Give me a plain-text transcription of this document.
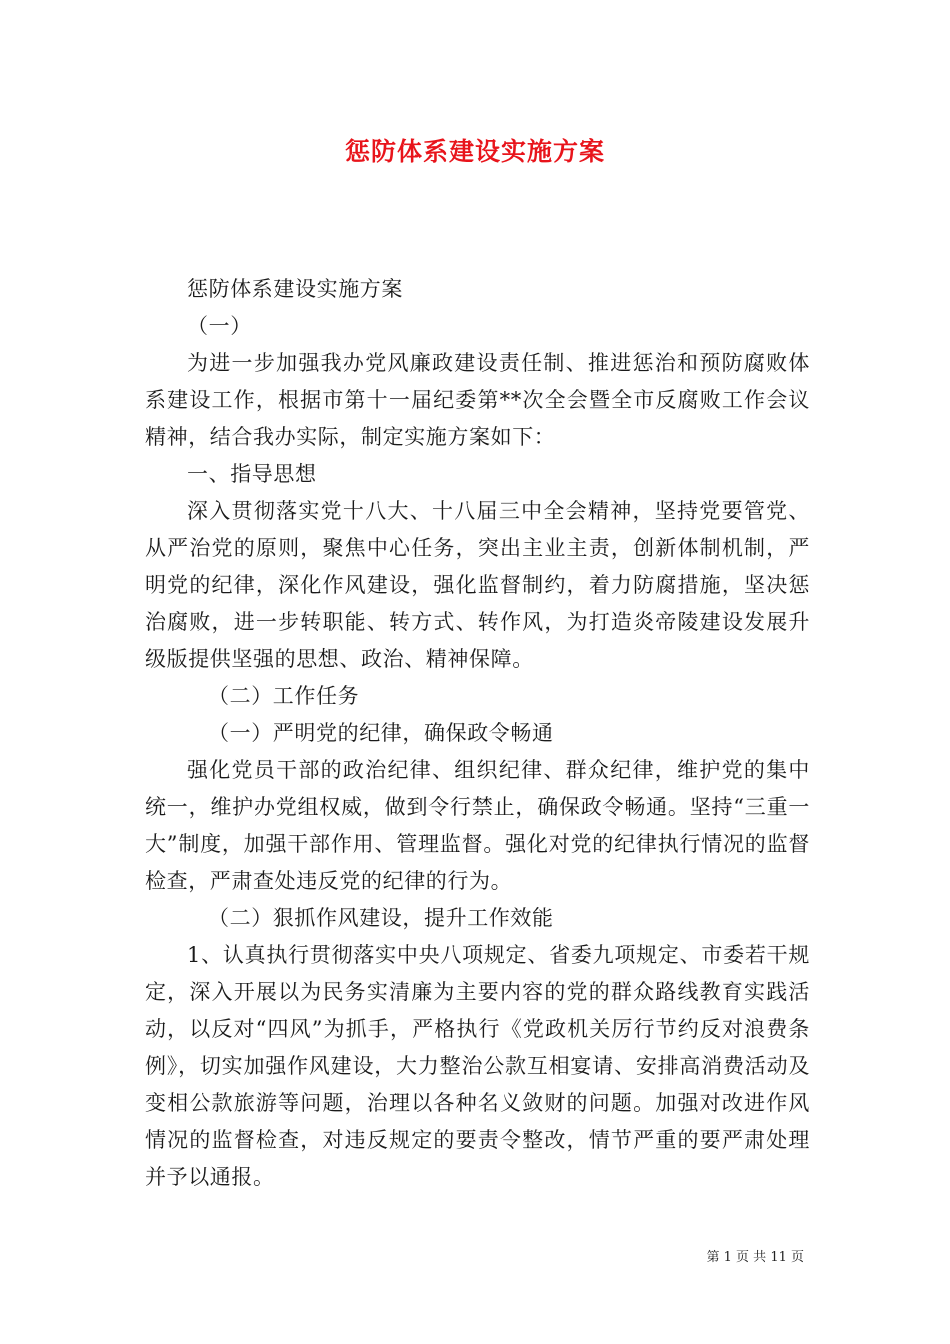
惩防体系建设实施方案

惩防体系建设实施方案

（一）

为进一步加强我办党风廉政建设责任制、推进惩治和预防腐败体系建设工作，根据市第十一届纪委第**次全会暨全市反腐败工作会议精神，结合我办实际，制定实施方案如下：

一、指导思想

深入贯彻落实党十八大、十八届三中全会精神，坚持党要管党、从严治党的原则，聚焦中心任务，突出主业主责，创新体制机制，严明党的纪律，深化作风建设，强化监督制约，着力防腐措施，坚决惩治腐败，进一步转职能、转方式、转作风，为打造炎帝陵建设发展升级版提供坚强的思想、政治、精神保障。

（二）工作任务

（一）严明党的纪律，确保政令畅通

强化党员干部的政治纪律、组织纪律、群众纪律，维护党的集中统一，维护办党组权威，做到令行禁止，确保政令畅通。坚持“三重一大”制度，加强干部作用、管理监督。强化对党的纪律执行情况的监督检查，严肃查处违反党的纪律的行为。

（二）狠抓作风建设，提升工作效能

1、认真执行贯彻落实中央八项规定、省委九项规定、市委若干规定，深入开展以为民务实清廉为主要内容的党的群众路线教育实践活动，以反对“四风”为抓手，严格执行《党政机关厉行节约反对浪费条例》，切实加强作风建设，大力整治公款互相宴请、安排高消费活动及变相公款旅游等问题，治理以各种名义敛财的问题。加强对改进作风情况的监督检查，对违反规定的要责令整改，情节严重的要严肃处理并予以通报。

第 1 页 共 11 页
